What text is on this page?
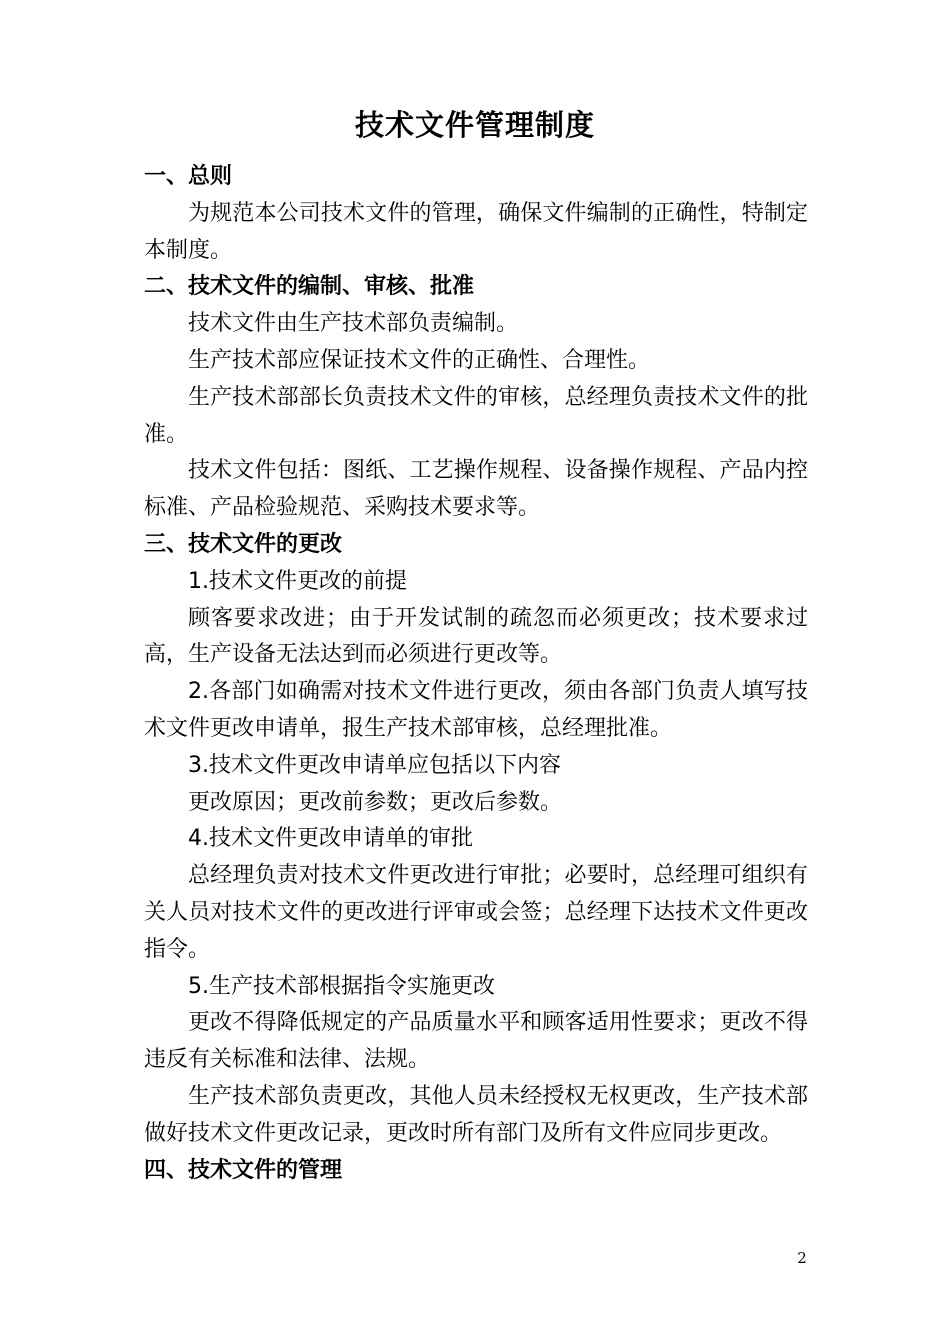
技术文件管理制度

一、总则

为规范本公司技术文件的管理，确保文件编制的正确性，特制定本制度。

二、技术文件的编制、审核、批准

技术文件由生产技术部负责编制。

生产技术部应保证技术文件的正确性、合理性。

生产技术部部长负责技术文件的审核，总经理负责技术文件的批准。

技术文件包括：图纸、工艺操作规程、设备操作规程、产品内控标准、产品检验规范、采购技术要求等。

三、技术文件的更改

1.技术文件更改的前提

顾客要求改进；由于开发试制的疏忽而必须更改；技术要求过高，生产设备无法达到而必须进行更改等。

2.各部门如确需对技术文件进行更改，须由各部门负责人填写技术文件更改申请单，报生产技术部审核，总经理批准。

3.技术文件更改申请单应包括以下内容

更改原因；更改前参数；更改后参数。

4.技术文件更改申请单的审批

总经理负责对技术文件更改进行审批；必要时，总经理可组织有关人员对技术文件的更改进行评审或会签；总经理下达技术文件更改指令。

5.生产技术部根据指令实施更改

更改不得降低规定的产品质量水平和顾客适用性要求；更改不得违反有关标准和法律、法规。

生产技术部负责更改，其他人员未经授权无权更改，生产技术部做好技术文件更改记录，更改时所有部门及所有文件应同步更改。

四、技术文件的管理

2
